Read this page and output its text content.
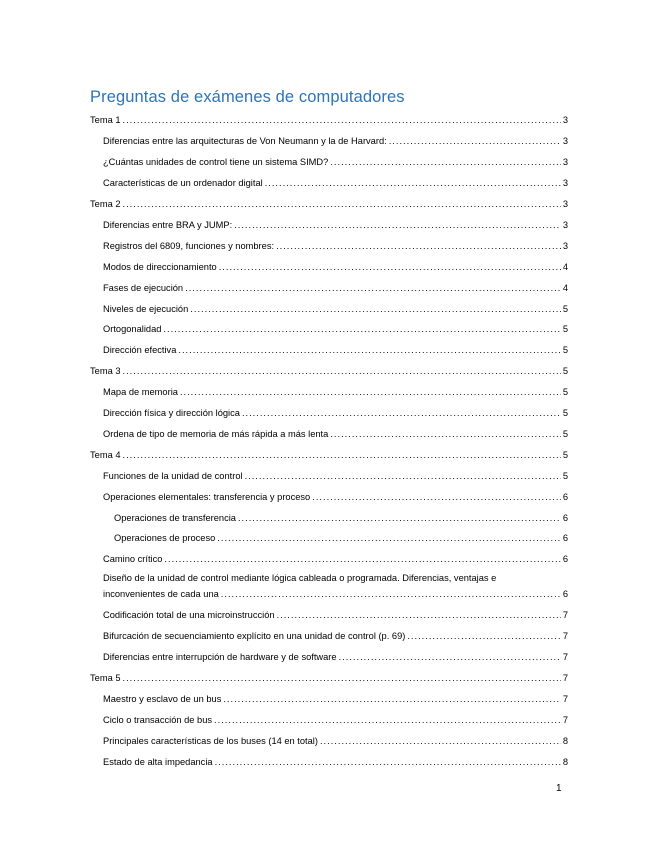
Preguntas de exámenes de computadores
Tema 1 .....	3
Diferencias entre las arquitecturas de Von Neumann y la de Harvard: .....	3
¿Cuántas unidades de control tiene un sistema SIMD? .....	3
Características de un ordenador digital .....	3
Tema 2 .....	3
Diferencias entre BRA y JUMP: .....	3
Registros del 6809, funciones y nombres: .....	3
Modos de direccionamiento .....	4
Fases de ejecución .....	4
Niveles de ejecución .....	5
Ortogonalidad .....	5
Dirección efectiva .....	5
Tema 3 .....	5
Mapa de memoria .....	5
Dirección física y dirección lógica .....	5
Ordena de tipo de memoria de más rápida a más lenta .....	5
Tema 4 .....	5
Funciones de la unidad de control .....	5
Operaciones elementales: transferencia y proceso .....	6
Operaciones de transferencia .....	6
Operaciones de proceso .....	6
Camino crítico .....	6
Diseño de la unidad de control mediante lógica cableada o programada. Diferencias, ventajas e
inconvenientes de cada una .....	6
Codificación total de una microinstrucción .....	7
Bifurcación de secuenciamiento explícito en una unidad de control (p. 69) .....	7
Diferencias entre interrupción de hardware y de software .....	7
Tema 5 .....	7
Maestro y esclavo de un bus .....	7
Ciclo o transacción de bus .....	7
Principales características de los buses (14 en total) .....	8
Estado de alta impedancia .....	8
1
